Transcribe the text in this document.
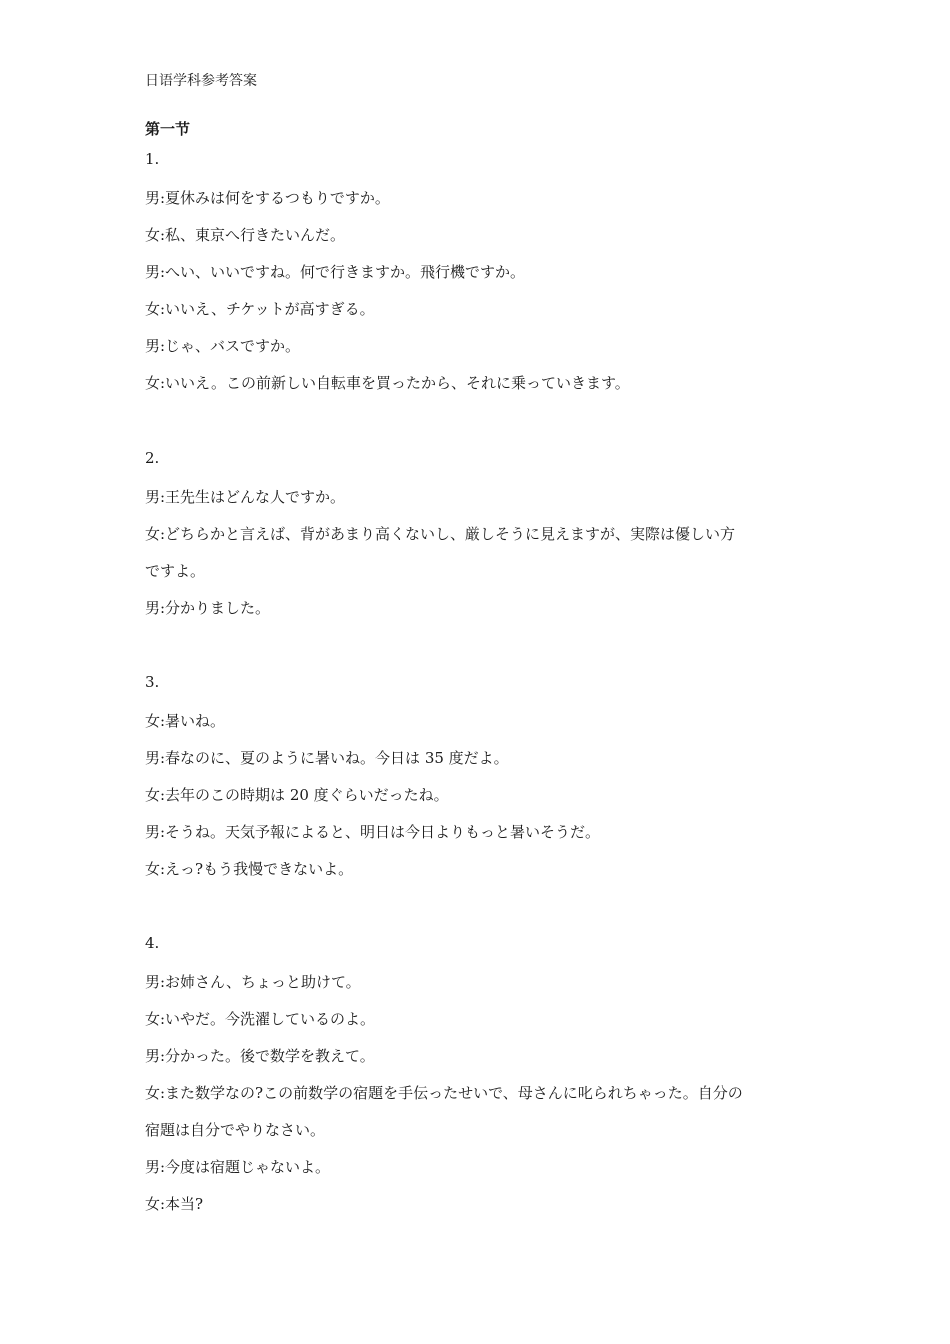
日语学科参考答案
第一节
1.
男:夏休みは何をするつもりですか。
女:私、東京へ行きたいんだ。
男:へい、いいですね。何で行きますか。飛行機ですか。
女:いいえ、チケットが高すぎる。
男:じゃ、バスですか。
女:いいえ。この前新しい自転車を買ったから、それに乗っていきます。
2.
男:王先生はどんな人ですか。
女:どちらかと言えば、背があまり高くないし、厳しそうに見えますが、実際は優しい方
ですよ。
男:分かりました。
3.
女:暑いね。
男:春なのに、夏のように暑いね。今日は 35 度だよ。
女:去年のこの時期は 20 度ぐらいだったね。
男:そうね。天気予報によると、明日は今日よりもっと暑いそうだ。
女:えっ?もう我慢できないよ。
4.
男:お姉さん、ちょっと助けて。
女:いやだ。今洗濯しているのよ。
男:分かった。後で数学を教えて。
女:また数学なの?この前数学の宿題を手伝ったせいで、母さんに叱られちゃった。自分の
宿題は自分でやりなさい。
男:今度は宿題じゃないよ。
女:本当?
